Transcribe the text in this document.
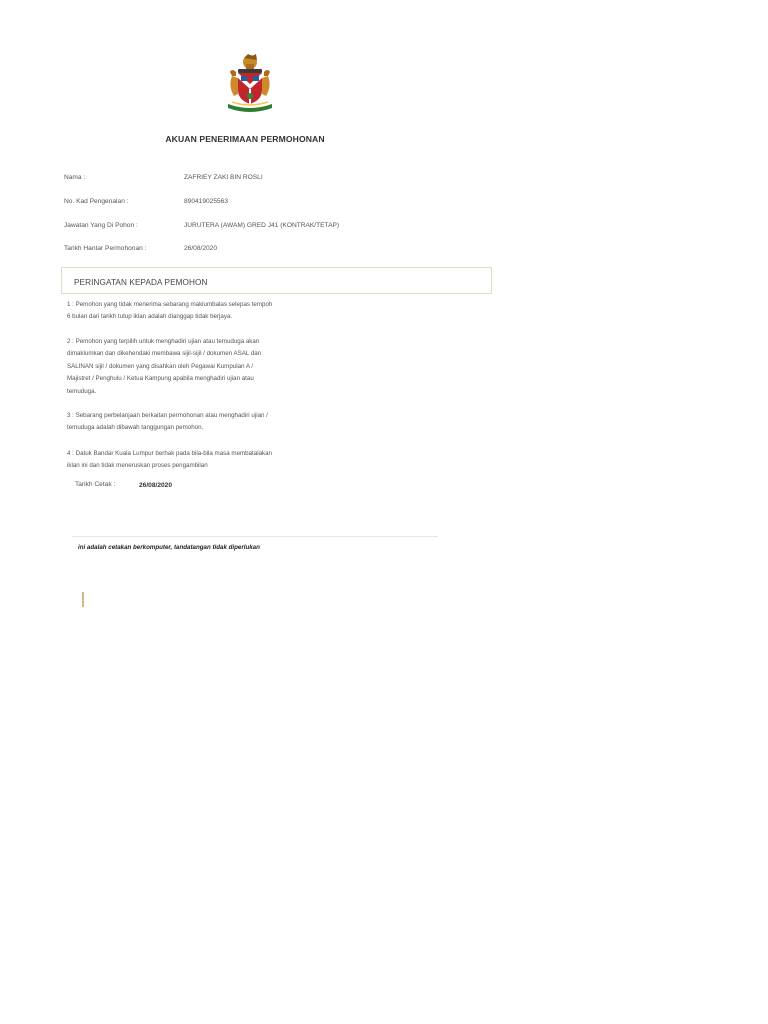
AKUAN PENERIMAAN PERMOHONAN
Nama :	ZAFRIEY ZAKI BIN ROSLI
No. Kad Pengenalan :	890419025563
Jawatan Yang Di Pohon :	JURUTERA (AWAM) GRED J41 (KONTRAK/TETAP)
Tarikh Hantar Permohonan :	26/08/2020
PERINGATAN KEPADA PEMOHON
1 : Pemohon yang tidak menerima sebarang maklumbalas selepas tempoh
6 bulan dari tarikh tutup iklan adalah dianggap tidak berjaya.
2 : Pemohon yang terpilih untuk menghadiri ujian atau temuduga akan
dimaklumkan dan dikehendaki membawa sijil-sijil / dokumen ASAL dan
SALINAN sijil / dokumen yang disahkan oleh Pegawai Kumpulan A /
Majistret / Penghulu / Ketua Kampung apabila menghadiri ujian atau
temuduga.
3 : Sebarang perbelanjaan berkaitan permohonan atau menghadiri ujian /
temuduga adalah dibawah tanggungan pemohon.
4 : Datuk Bandar Kuala Lumpur berhak pada bila-bila masa membatalakan
iklan ini dan tidak meneruskan proses pengambilan
Tarikh Cetak :	26/08/2020
ini adalah cetakan berkomputer, tandatangan tidak diperlukan
